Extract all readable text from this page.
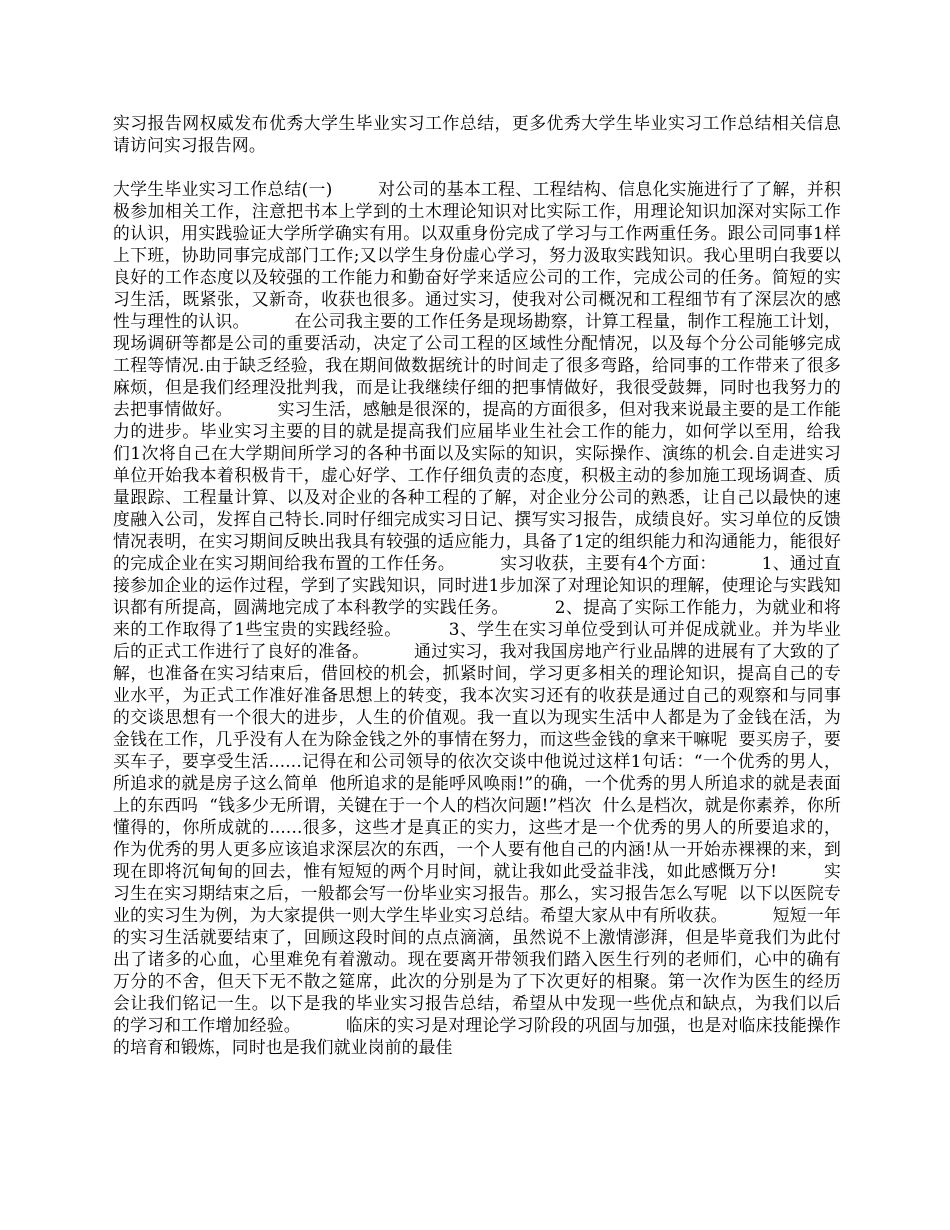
实习报告网权威发布优秀大学生毕业实习工作总结，更多优秀大学生毕业实习工作总结相关信息请访问实习报告网。

大学生毕业实习工作总结(一)        对公司的基本工程、工程结构、信息化实施进行了了解，并积极参加相关工作，注意把书本上学到的土木理论知识对比实际工作，用理论知识加深对实际工作的认识，用实践验证大学所学确实有用。以双重身份完成了学习与工作两重任务。跟公司同事1样上下班，协助同事完成部门工作;又以学生身份虚心学习，努力汲取实践知识。我心里明白我要以良好的工作态度以及较强的工作能力和勤奋好学来适应公司的工作，完成公司的任务。简短的实习生活，既紧张，又新奇，收获也很多。通过实习，使我对公司概况和工程细节有了深层次的感性与理性的认识。        在公司我主要的工作任务是现场勘察，计算工程量，制作工程施工计划，现场调研等都是公司的重要活动，决定了公司工程的区域性分配情况，以及每个分公司能够完成工程等情况.由于缺乏经验，我在期间做数据统计的时间走了很多弯路，给同事的工作带来了很多麻烦，但是我们经理没批判我，而是让我继续仔细的把事情做好，我很受鼓舞，同时也我努力的去把事情做好。        实习生活，感触是很深的，提高的方面很多，但对我来说最主要的是工作能力的进步。毕业实习主要的目的就是提高我们应届毕业生社会工作的能力，如何学以至用，给我们1次将自己在大学期间所学习的各种书面以及实际的知识，实际操作、演练的机会.自走进实习单位开始我本着积极肯干，虚心好学、工作仔细负责的态度，积极主动的参加施工现场调查、质量跟踪、工程量计算、以及对企业的各种工程的了解，对企业分公司的熟悉，让自己以最快的速度融入公司，发挥自己特长.同时仔细完成实习日记、撰写实习报告，成绩良好。实习单位的反馈情况表明，在实习期间反映出我具有较强的适应能力，具备了1定的组织能力和沟通能力，能很好的完成企业在实习期间给我布置的工作任务。        实习收获，主要有4个方面：        1、通过直接参加企业的运作过程，学到了实践知识，同时进1步加深了对理论知识的理解，使理论与实践知识都有所提高，圆满地完成了本科教学的实践任务。        2、提高了实际工作能力，为就业和将来的工作取得了1些宝贵的实践经验。        3、学生在实习单位受到认可并促成就业。并为毕业后的正式工作进行了良好的准备。        通过实习，我对我国房地产行业品牌的进展有了大致的了解，也准备在实习结束后，借回校的机会，抓紧时间，学习更多相关的理论知识，提高自己的专业水平，为正式工作准好准备思想上的转变，我本次实习还有的收获是通过自己的观察和与同事的交谈思想有一个很大的进步，人生的价值观。我一直以为现实生活中人都是为了金钱在活，为金钱在工作，几乎没有人在为除金钱之外的事情在努力，而这些金钱的拿来干嘛呢  要买房子，要买车子，要享受生活......记得在和公司领导的依次交谈中他说过这样1句话：“一个优秀的男人，所追求的就是房子这么简单  他所追求的是能呼风唤雨!”的确，一个优秀的男人所追求的就是表面上的东西吗  “钱多少无所谓，关键在于一个人的档次问题!”档次  什么是档次，就是你素养，你所懂得的，你所成就的......很多，这些才是真正的实力，这些才是一个优秀的男人的所要追求的，作为优秀的男人更多应该追求深层次的东西，一个人要有他自己的内涵!从一开始赤裸裸的来，到现在即将沉甸甸的回去，惟有短短的两个月时间，就让我如此受益非浅，如此感慨万分!        实习生在实习期结束之后，一般都会写一份毕业实习报告。那么，实习报告怎么写呢  以下以医院专业的实习生为例，为大家提供一则大学生毕业实习总结。希望大家从中有所收获。        短短一年的实习生活就要结束了，回顾这段时间的点点滴滴，虽然说不上激情澎湃，但是毕竟我们为此付出了诸多的心血，心里难免有着激动。现在要离开带领我们踏入医生行列的老师们，心中的确有万分的不舍，但天下无不散之筵席，此次的分别是为了下次更好的相聚。第一次作为医生的经历会让我们铭记一生。以下是我的毕业实习报告总结，希望从中发现一些优点和缺点，为我们以后的学习和工作增加经验。        临床的实习是对理论学习阶段的巩固与加强，也是对临床技能操作的培育和锻炼，同时也是我们就业岗前的最佳
